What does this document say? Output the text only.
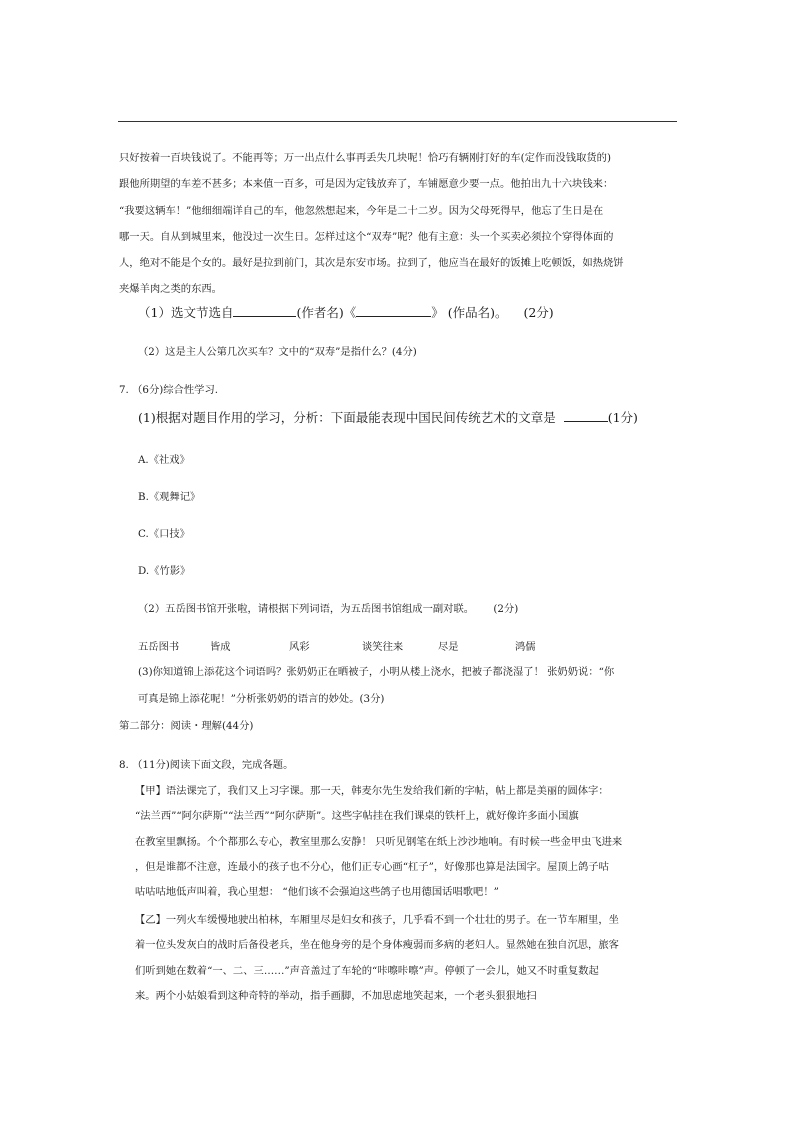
只好按着一百块钱说了。不能再等；万一出点什么事再丢失几块呢！恰巧有辆刚打好的车(定作而没钱取货的)
跟他所期望的车差不甚多；本来值一百多，可是因为定钱放弃了，车铺愿意少要一点。他拍出九十六块钱来：
“我要这辆车！”他细细端详自己的车，他忽然想起来，今年是二十二岁。因为父母死得早，他忘了生日是在
哪一天。自从到城里来，他没过一次生日。怎样过这个“双寿”呢？他有主意：头一个买卖必须拉个穿得体面的
人，绝对不能是个女的。最好是拉到前门，其次是东安市场。拉到了，他应当在最好的饭摊上吃顿饭，如热烧饼
夹爆羊肉之类的东西。
（1）选文节选自	(作者名)《	》 (作品名)。 (2分)
（2）这是主人公第几次买车？文中的“双寿”是指什么？(4分)
7. （6分)综合性学习.
(1)根据对题目作用的学习，分析：下面最能表现中国民间传统艺术的文章是	(1分)
A.《社戏》
B.《观舞记》
C.《口技》
D.《竹影》
（2）五岳图书馆开张啦，请根据下列词语，为五岳图书馆组成一副对联。 (2分)
五岳图书	皆成	风彩	谈笑往来	尽是	鸿儒
(3)你知道锦上添花这个词语吗？张奶奶正在晒被子，小明从楼上浇水，把被子都浇湿了！ 张奶奶说：“你
可真是锦上添花呢！”分析张奶奶的语言的妙处。(3分)
第二部分：阅读・理解(44分)
8. （11分)阅读下面文段，完成各题。
【甲】语法课完了，我们又上习字课。那一天，韩麦尔先生发给我们新的字帖，帖上都是美丽的圆体字：
“法兰西”“阿尔萨斯”“法兰西”“阿尔萨斯”。这些字帖挂在我们课桌的铁杆上，就好像许多面小国旗
在教室里飘扬。个个都那么专心，教室里那么安静！ 只听见钢笔在纸上沙沙地响。有时候一些金甲虫飞进来
，但是谁都不注意，连最小的孩子也不分心，他们正专心画“杠子”，好像那也算是法国字。屋顶上鸽子咕
咕咕咕地低声叫着，我心里想： “他们该不会强迫这些鸽子也用德国话唱歌吧！”
【乙】一列火车缓慢地驶出柏林，车厢里尽是妇女和孩子，几乎看不到一个壮壮的男子。在一节车厢里，坐
着一位头发灰白的战时后备役老兵，坐在他身旁的是个身体瘦弱而多病的老妇人。显然她在独自沉思，旅客
们听到她在数着“一、二、三……”声音盖过了车轮的“咔嚓咔嚓”声。停顿了一会儿，她又不时重复数起
来。两个小姑娘看到这种奇特的举动，指手画脚，不加思虑地笑起来，一个老头狠狠地扫
